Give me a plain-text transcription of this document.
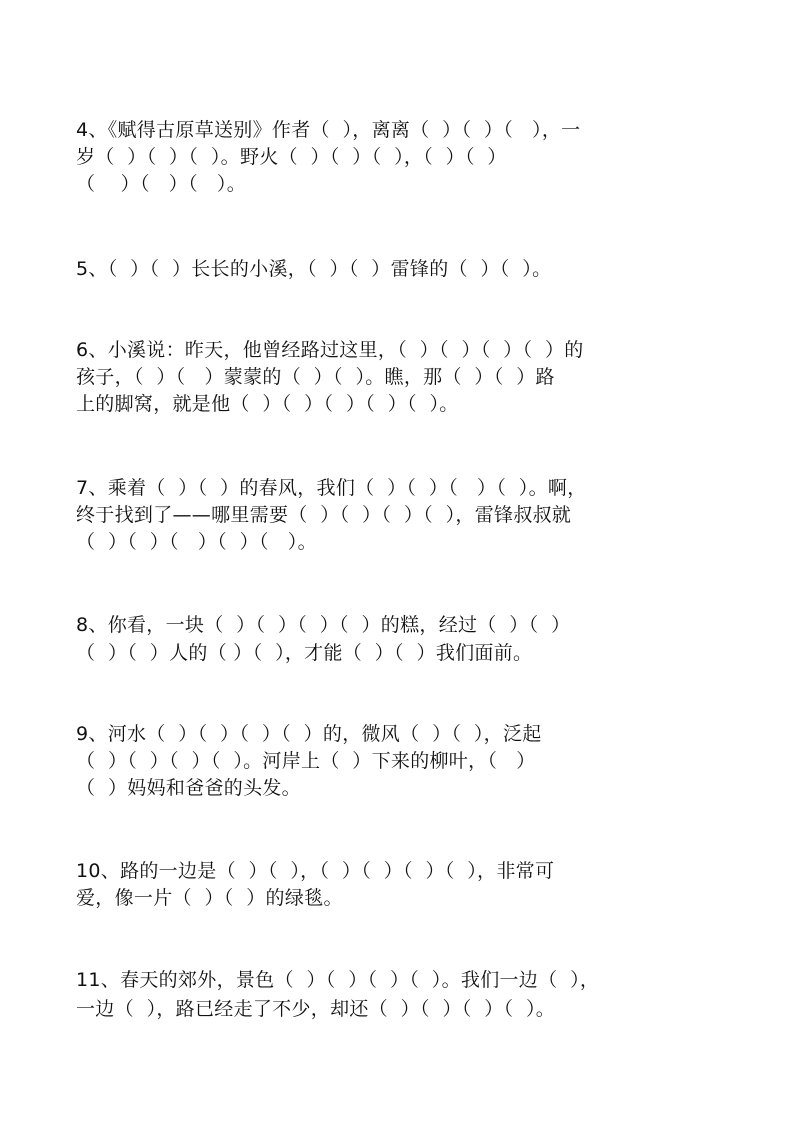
4、《赋得古原草送别》作者（  ），离离（  ）（  ）（   ），一
岁（  ）（  ）（  ）。野火（  ）（  ）（  ），（  ）（  ）
（    ）（   ）（   ）。
5、（  ）（  ）长长的小溪，（  ）（  ）雷锋的（  ）（  ）。
6、小溪说：昨天，他曾经路过这里，（  ）（  ）（  ）（  ）的
孩子，（  ）（   ）蒙蒙的（  ）（  ）。瞧，那（  ）（  ）路
上的脚窝，就是他（  ）（  ）（  ）（  ）（  ）。
7、乘着（  ）（  ）的春风，我们（  ）（  ）（   ）（  ）。啊，
终于找到了——哪里需要（  ）（  ）（  ）（  ），雷锋叔叔就
（  ）（  ）（   ）（  ）（   ）。
8、你看，一块（  ）（  ）（  ）（  ）的糕，经过（  ）（  ）
（  ）（  ）人的（ ）（  ），才能（  ）（  ）我们面前。
9、河水（  ）（  ）（  ）（  ）的，微风（  ）（  ），泛起
（  ）（  ）（  ）（  ）。河岸上（  ）下来的柳叶，（   ）
（  ）妈妈和爸爸的头发。
10、路的一边是（  ）（  ），（  ）（  ）（  ）（  ），非常可
爱，像一片（  ）（  ）的绿毯。
11、春天的郊外，景色（  ）（  ）（  ）（  ）。我们一边（  ），
一边（  ），路已经走了不少，却还（  ）（  ）（  ）（  ）。
